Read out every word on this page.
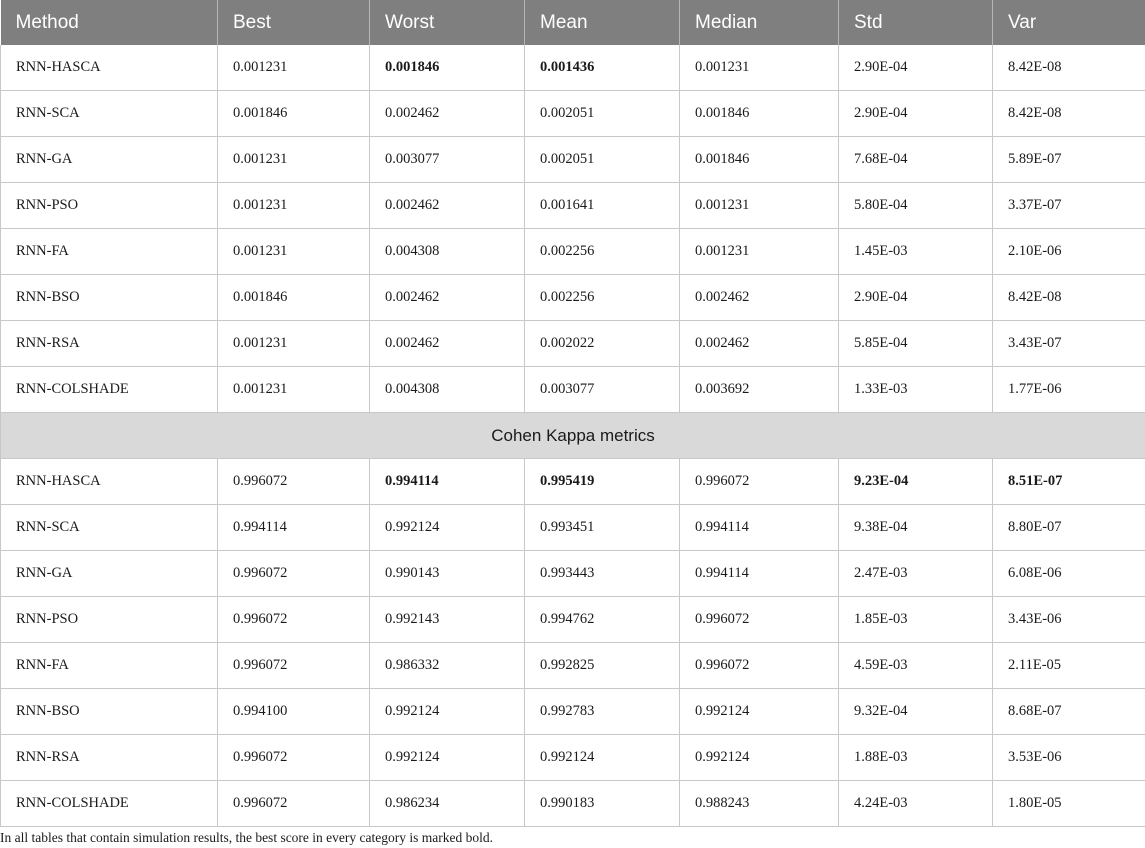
Method	Best	Worst	Mean	Median	Std	Var
RNN-HASCA	0.001231	0.001846	0.001436	0.001231	2.90E-04	8.42E-08
RNN-SCA	0.001846	0.002462	0.002051	0.001846	2.90E-04	8.42E-08
RNN-GA	0.001231	0.003077	0.002051	0.001846	7.68E-04	5.89E-07
RNN-PSO	0.001231	0.002462	0.001641	0.001231	5.80E-04	3.37E-07
RNN-FA	0.001231	0.004308	0.002256	0.001231	1.45E-03	2.10E-06
RNN-BSO	0.001846	0.002462	0.002256	0.002462	2.90E-04	8.42E-08
RNN-RSA	0.001231	0.002462	0.002022	0.002462	5.85E-04	3.43E-07
RNN-COLSHADE	0.001231	0.004308	0.003077	0.003692	1.33E-03	1.77E-06
Cohen Kappa metrics						
RNN-HASCA	0.996072	0.994114	0.995419	0.996072	9.23E-04	8.51E-07
RNN-SCA	0.994114	0.992124	0.993451	0.994114	9.38E-04	8.80E-07
RNN-GA	0.996072	0.990143	0.993443	0.994114	2.47E-03	6.08E-06
RNN-PSO	0.996072	0.992143	0.994762	0.996072	1.85E-03	3.43E-06
RNN-FA	0.996072	0.986332	0.992825	0.996072	4.59E-03	2.11E-05
RNN-BSO	0.994100	0.992124	0.992783	0.992124	9.32E-04	8.68E-07
RNN-RSA	0.996072	0.992124	0.992124	0.992124	1.88E-03	3.53E-06
RNN-COLSHADE	0.996072	0.986234	0.990183	0.988243	4.24E-03	1.80E-05
In all tables that contain simulation results, the best score in every category is marked bold.
